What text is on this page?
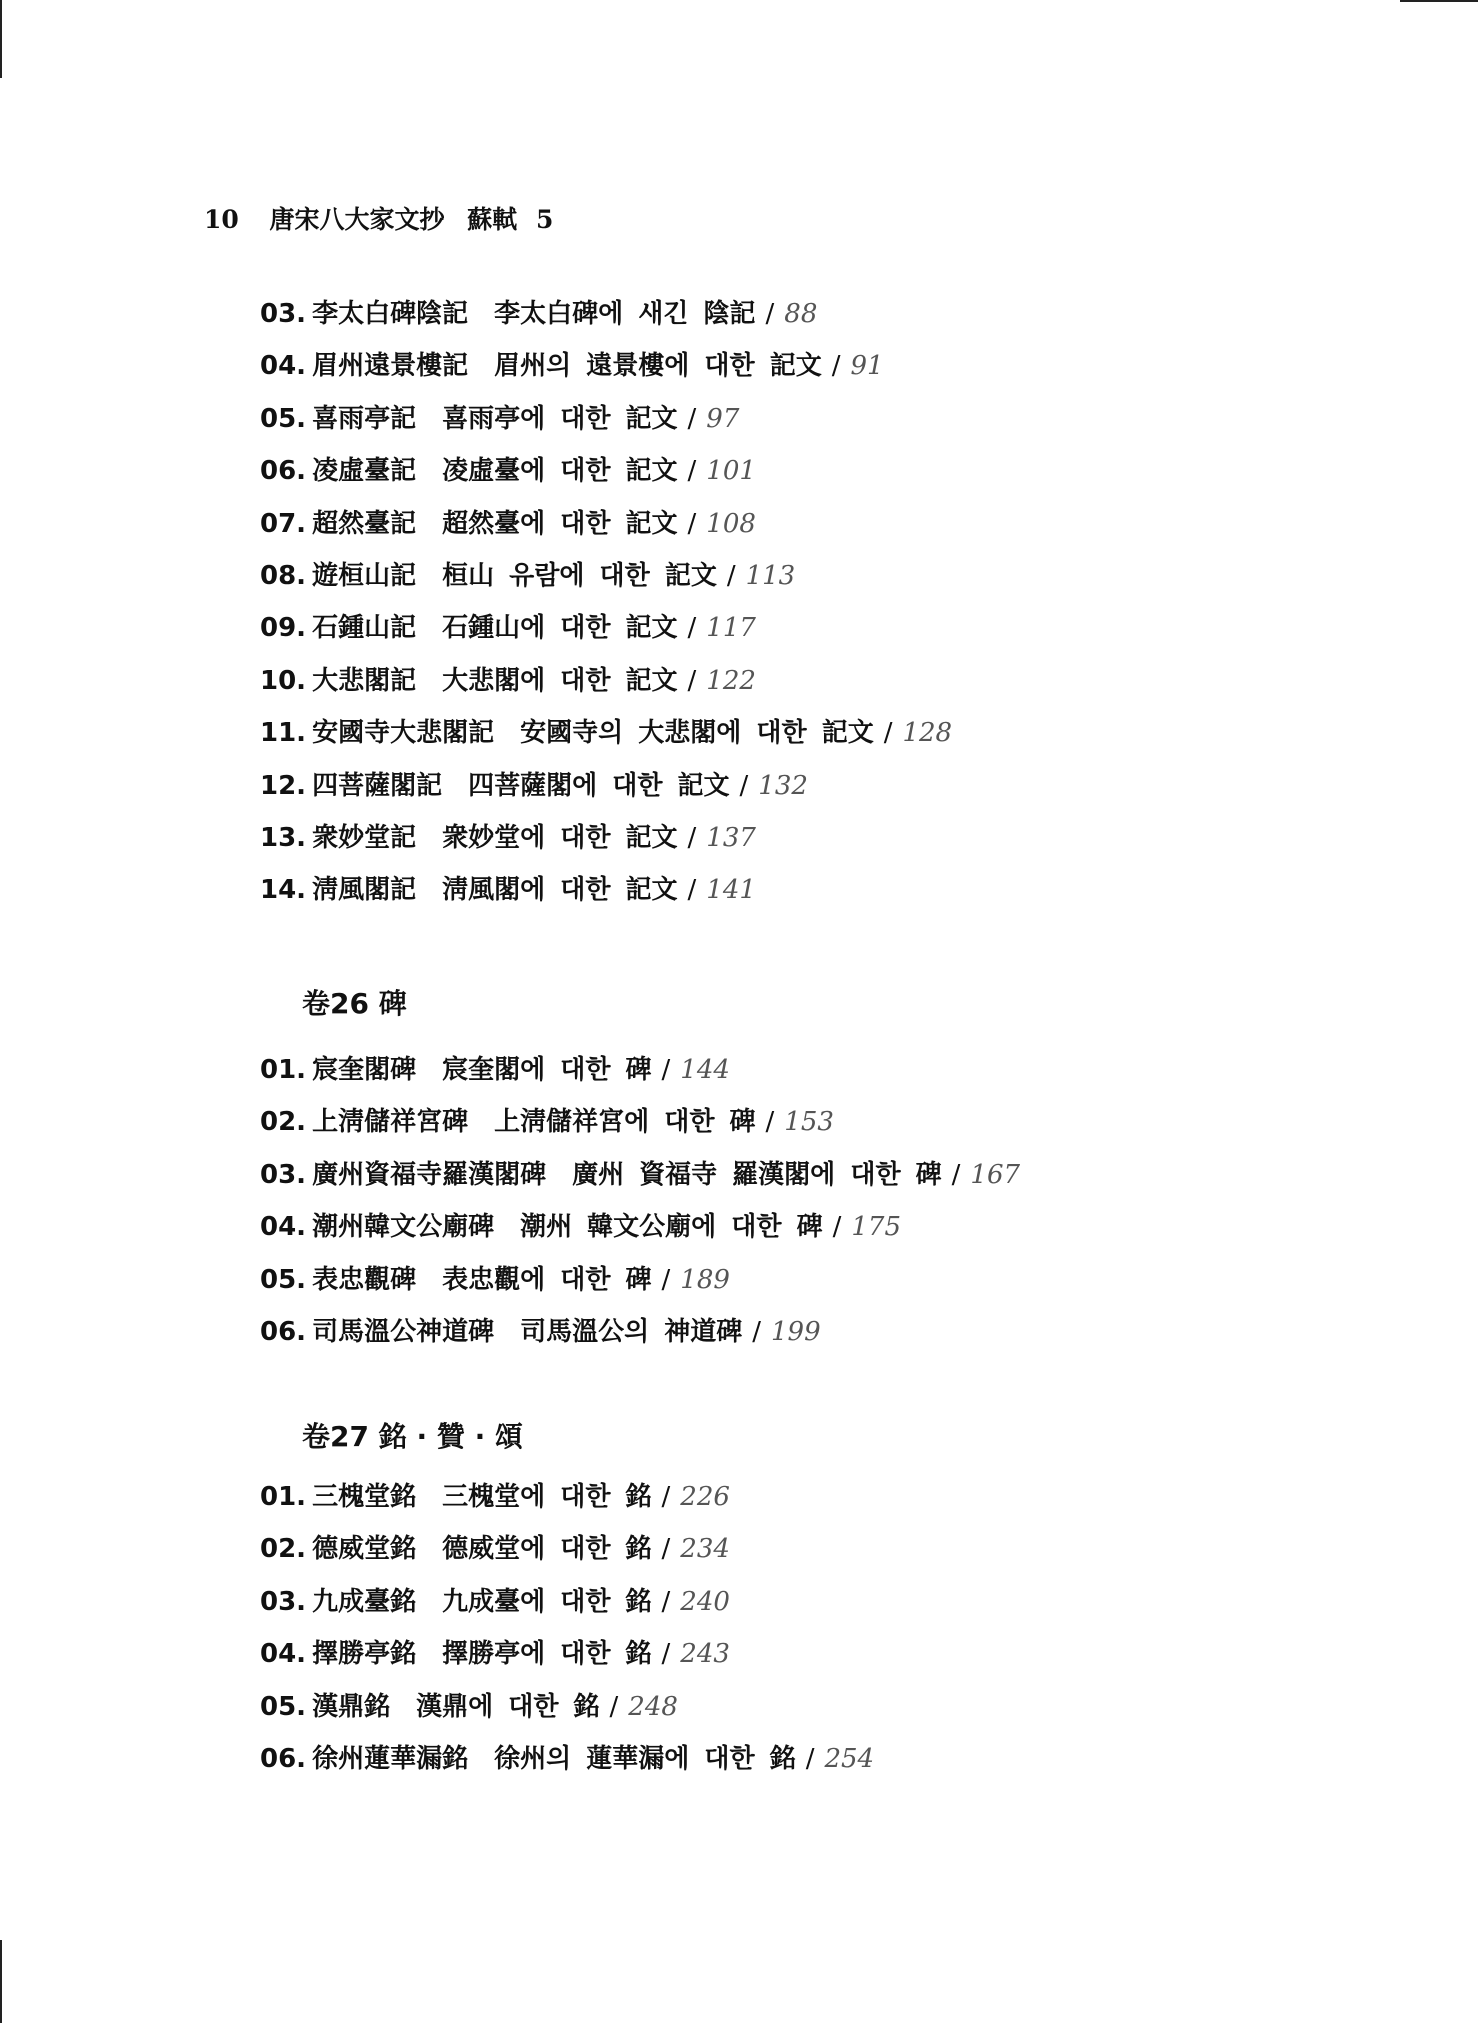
10 唐宋八大家文抄 蘇軾 5
03. 李太白碑陰記 李太白碑에 새긴 陰記 / 88
04. 眉州遠景樓記 眉州의 遠景樓에 대한 記文 / 91
05. 喜雨亭記 喜雨亭에 대한 記文 / 97
06. 凌虛臺記 凌虛臺에 대한 記文 / 101
07. 超然臺記 超然臺에 대한 記文 / 108
08. 遊桓山記 桓山 유람에 대한 記文 / 113
09. 石鍾山記 石鍾山에 대한 記文 / 117
10. 大悲閣記 大悲閣에 대한 記文 / 122
11. 安國寺大悲閣記 安國寺의 大悲閣에 대한 記文 / 128
12. 四菩薩閣記 四菩薩閣에 대한 記文 / 132
13. 衆妙堂記 衆妙堂에 대한 記文 / 137
14. 淸風閣記 淸風閣에 대한 記文 / 141
卷26 碑
01. 宸奎閣碑 宸奎閣에 대한 碑 / 144
02. 上淸儲祥宮碑 上淸儲祥宮에 대한 碑 / 153
03. 廣州資福寺羅漢閣碑 廣州 資福寺 羅漢閣에 대한 碑 / 167
04. 潮州韓文公廟碑 潮州 韓文公廟에 대한 碑 / 175
05. 表忠觀碑 表忠觀에 대한 碑 / 189
06. 司馬溫公神道碑 司馬溫公의 神道碑 / 199
卷27 銘 · 贊 · 頌
01. 三槐堂銘 三槐堂에 대한 銘 / 226
02. 德威堂銘 德威堂에 대한 銘 / 234
03. 九成臺銘 九成臺에 대한 銘 / 240
04. 擇勝亭銘 擇勝亭에 대한 銘 / 243
05. 漢鼎銘 漢鼎에 대한 銘 / 248
06. 徐州蓮華漏銘 徐州의 蓮華漏에 대한 銘 / 254
